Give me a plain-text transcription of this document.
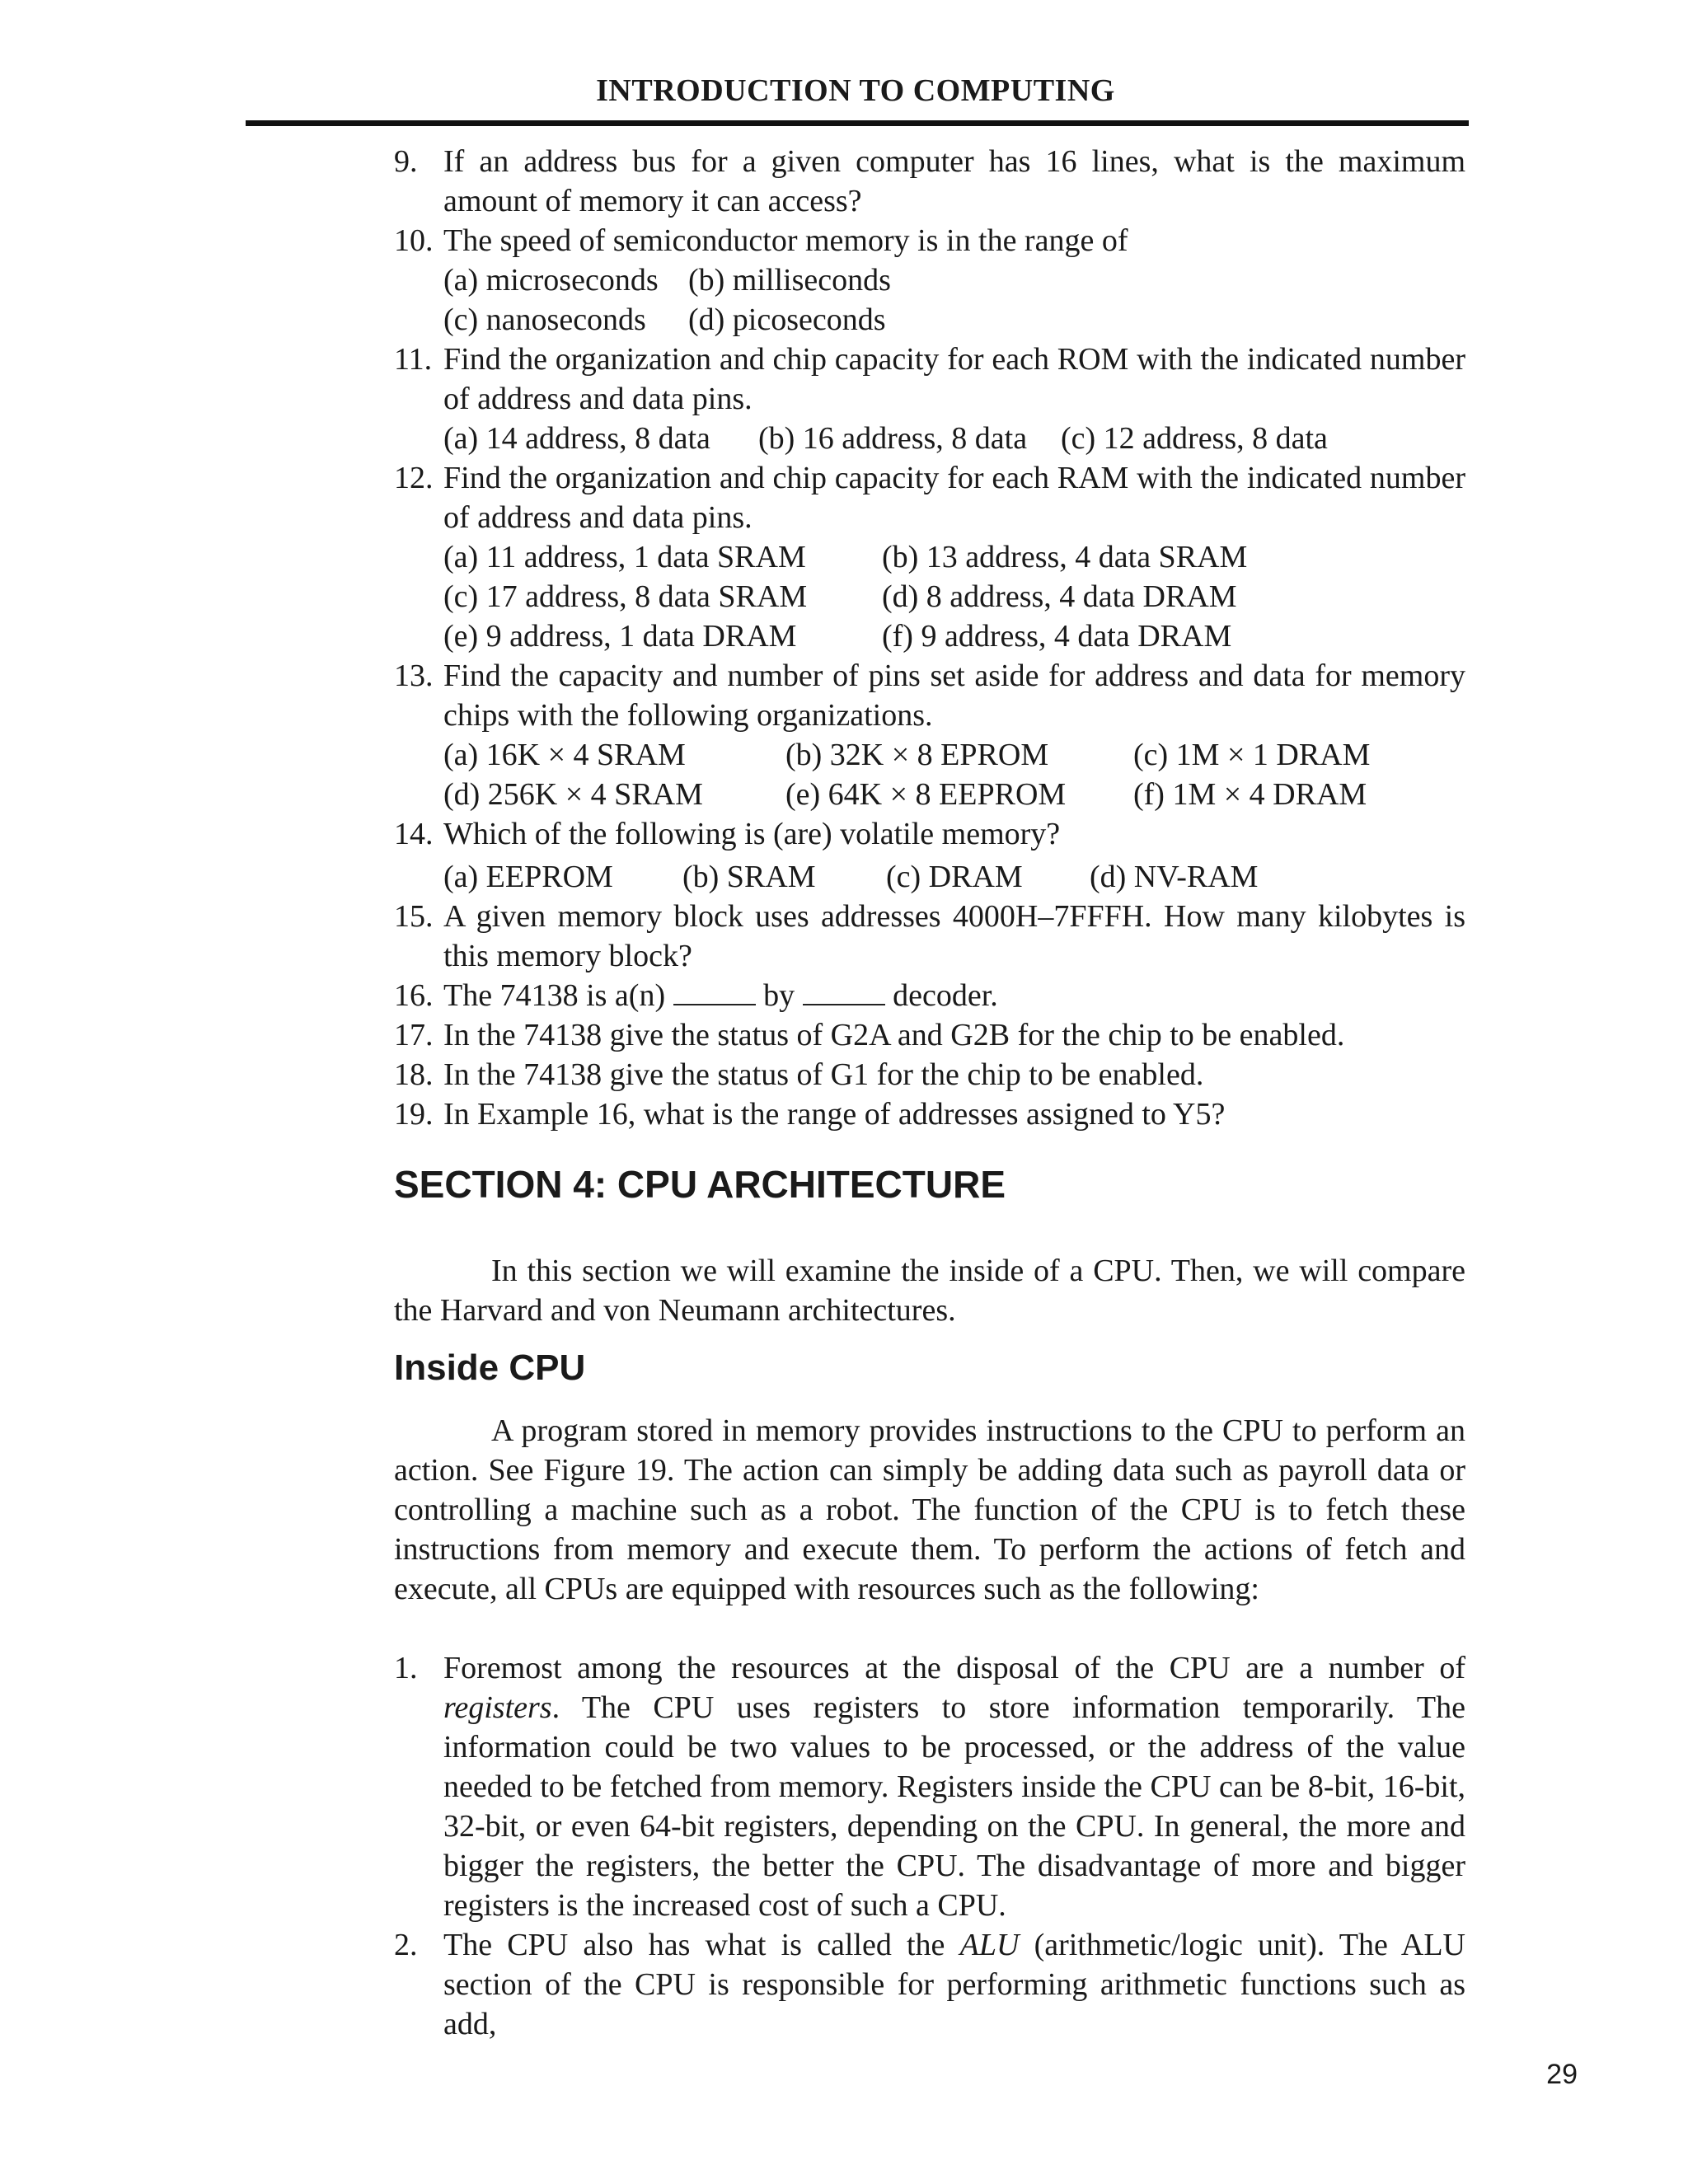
INTRODUCTION TO COMPUTING
9. If an address bus for a given computer has 16 lines, what is the maximum amount of memory it can access?
10. The speed of semiconductor memory is in the range of
(a) microseconds (b) milliseconds
(c) nanoseconds (d) picoseconds
11. Find the organization and chip capacity for each ROM with the indicated number of address and data pins.
(a) 14 address, 8 data (b) 16 address, 8 data (c) 12 address, 8 data
12. Find the organization and chip capacity for each RAM with the indicated number of address and data pins.
(a) 11 address, 1 data SRAM (b) 13 address, 4 data SRAM
(c) 17 address, 8 data SRAM (d) 8 address, 4 data DRAM
(e) 9 address, 1 data DRAM	(f) 9 address, 4 data DRAM
13. Find the capacity and number of pins set aside for address and data for memory chips with the following organizations.
(a) 16K × 4 SRAM	(b) 32K × 8 EPROM	(c) 1M × 1 DRAM
(d) 256K × 4 SRAM	(e) 64K × 8 EEPROM (f) 1M × 4 DRAM
14. Which of the following is (are) volatile memory?
(a) EEPROM (b) SRAM (c) DRAM (d) NV-RAM
15. A given memory block uses addresses 4000H–7FFFH. How many kilobytes is this memory block?
16. The 74138 is a(n)	by	decoder.
17. In the 74138 give the status of G2A and G2B for the chip to be enabled.
18. In the 74138 give the status of G1 for the chip to be enabled.
19. In Example 16, what is the range of addresses assigned to Y5?
SECTION 4: CPU ARCHITECTURE
In this section we will examine the inside of a CPU. Then, we will compare the Harvard and von Neumann architectures.
Inside CPU
A program stored in memory provides instructions to the CPU to perform an action. See Figure 19. The action can simply be adding data such as payroll data or controlling a machine such as a robot. The function of the CPU is to fetch these instructions from memory and execute them. To perform the actions of fetch and execute, all CPUs are equipped with resources such as the following:
1. Foremost among the resources at the disposal of the CPU are a number of registers. The CPU uses registers to store information temporarily. The information could be two values to be processed, or the address of the value needed to be fetched from memory. Registers inside the CPU can be 8-bit, 16-bit, 32-bit, or even 64-bit registers, depending on the CPU. In general, the more and bigger the registers, the better the CPU. The disadvantage of more and bigger registers is the increased cost of such a CPU.
2. The CPU also has what is called the ALU (arithmetic/logic unit). The ALU section of the CPU is responsible for performing arithmetic functions such as add,
29
